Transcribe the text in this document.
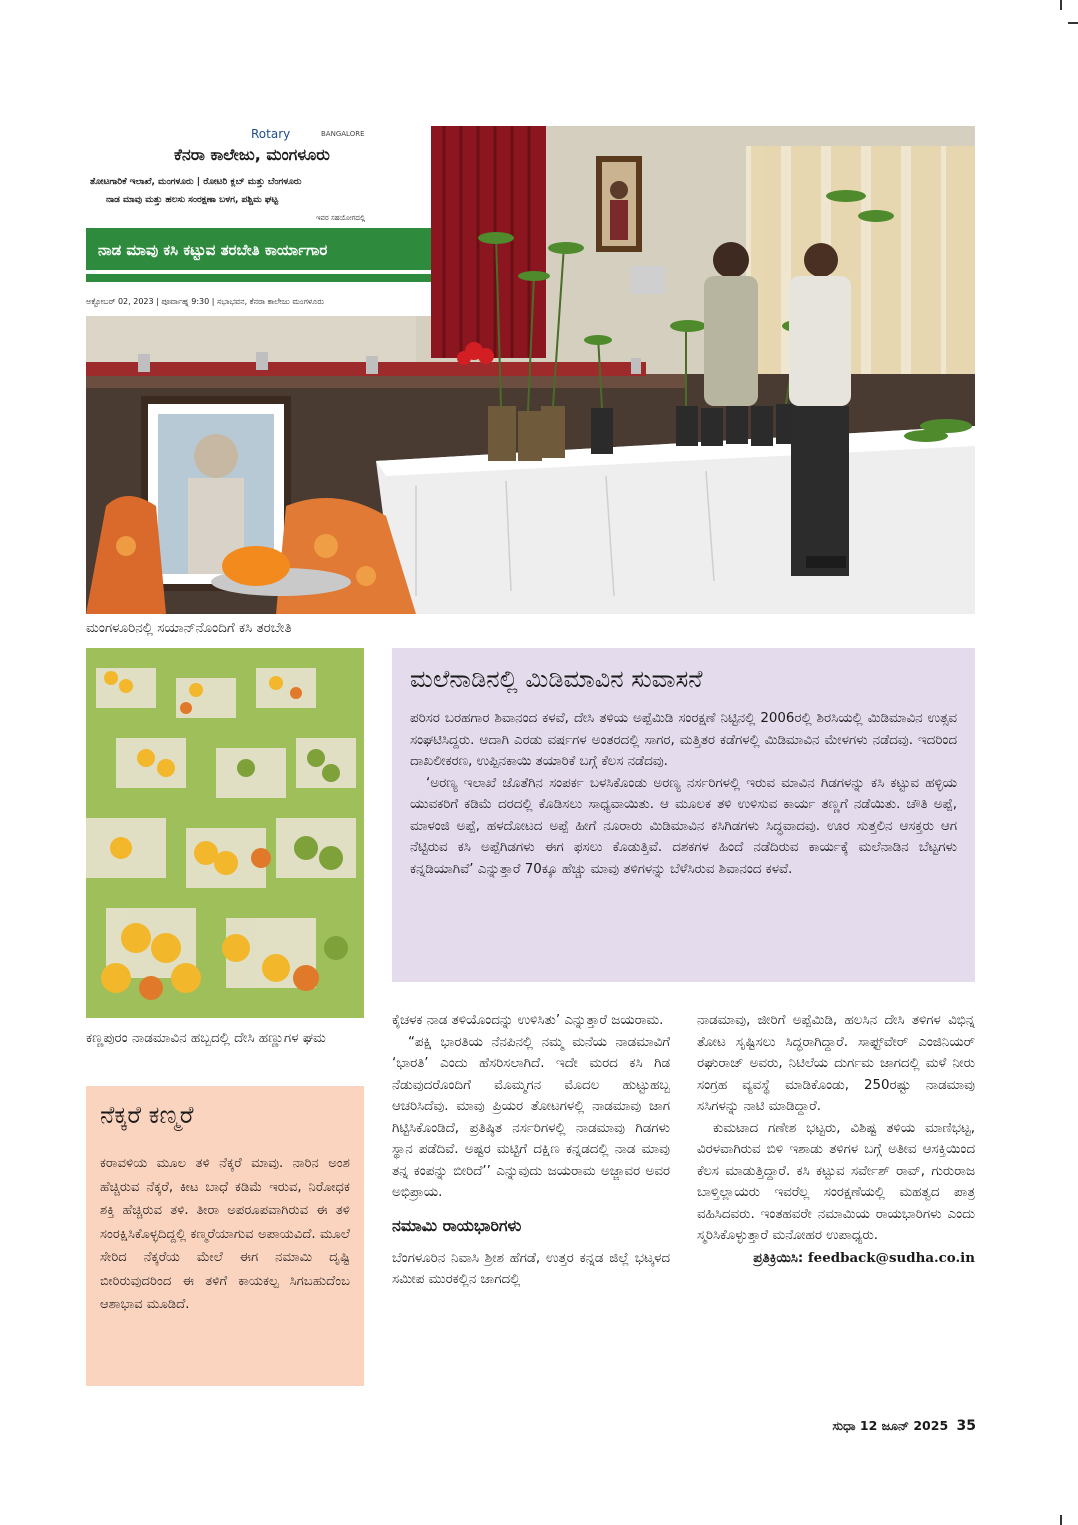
Rotary	BANGALORE
ಕೆನರಾ ಕಾಲೇಜು, ಮಂಗಳೂರು
ತೋಟಗಾರಿಕೆ ಇಲಾಖೆ, ಮಂಗಳೂರು | ರೋಟರಿ ಕ್ಲಬ್ ಮತ್ತು ಬೆಂಗಳೂರು
ನಾಡ ಮಾವು ಮತ್ತು ಹಲಸು ಸಂರಕ್ಷಣಾ ಬಳಗ, ಪಶ್ಚಿಮ ಘಟ್ಟ
ಇವರ ಸಹಯೋಗದಲ್ಲಿ
ನಾಡ ಮಾವು ಕಸಿ ಕಟ್ಟುವ ತರಬೇತಿ ಕಾರ್ಯಾಗಾರ
ಅಕ್ಟೋಬರ್ 02, 2023 | ಪೂರ್ವಾಹ್ನ 9:30 | ಸಭಾಭವನ, ಕೆನರಾ ಕಾಲೇಜು ಮಂಗಳೂರು
ಮಂಗಳೂರಿನಲ್ಲಿ ಸಯಾನ್‌ನೊಂದಿಗೆ ಕಸಿ ತರಬೇತಿ
ಕಣ್ಣಪುರಂ ನಾಡಮಾವಿನ ಹಬ್ಬದಲ್ಲಿ ದೇಸಿ ಹಣ್ಣುಗಳ ಘಮ
ಮಲೆನಾಡಿನಲ್ಲಿ ಮಿಡಿಮಾವಿನ ಸುವಾಸನೆ

ಪರಿಸರ ಬರಹಗಾರ ಶಿವಾನಂದ ಕಳವೆ, ದೇಸಿ ತಳಿಯ ಅಪ್ಪೆಮಿಡಿ ಸಂರಕ್ಷಣೆ ನಿಟ್ಟಿನಲ್ಲಿ 2006ರಲ್ಲಿ ಶಿರಸಿಯಲ್ಲಿ ಮಿಡಿಮಾವಿನ ಉತ್ಸವ ಸಂಘಟಿಸಿದ್ದರು. ಆದಾಗಿ ಎರಡು ವರ್ಷಗಳ ಅಂತರದಲ್ಲಿ ಸಾಗರ, ಮತ್ತಿತರ ಕಡೆಗಳಲ್ಲಿ ಮಿಡಿಮಾವಿನ ಮೇಳಗಳು ನಡೆದವು. ಇದರಿಂದ ದಾಖಲೀಕರಣ, ಉಪ್ಪಿನಕಾಯಿ ತಯಾರಿಕೆ ಬಗ್ಗೆ ಕೆಲಸ ನಡೆದವು.

‘ಅರಣ್ಯ ಇಲಾಖೆ ಜೊತೆಗಿನ ಸಂಪರ್ಕ ಬಳಸಿಕೊಂಡು ಅರಣ್ಯ ನರ್ಸರಿಗಳಲ್ಲಿ ಇರುವ ಮಾವಿನ ಗಿಡಗಳನ್ನು ಕಸಿ ಕಟ್ಟುವ ಹಳ್ಳಿಯ ಯುವಕರಿಗೆ ಕಡಿಮೆ ದರದಲ್ಲಿ ಕೊಡಿಸಲು ಸಾಧ್ಯವಾಯಿತು. ಆ ಮೂಲಕ ತಳಿ ಉಳಿಸುವ ಕಾರ್ಯ ತಣ್ಣಗೆ ನಡೆಯಿತು. ಚೌತಿ ಅಪ್ಪೆ, ಮಾಳಂಜಿ ಅಪ್ಪೆ, ಹಳದೋಟದ ಅಪ್ಪೆ ಹೀಗೆ ನೂರಾರು ಮಿಡಿಮಾವಿನ ಕಸಿಗಿಡಗಳು ಸಿದ್ಧವಾದವು. ಊರ ಸುತ್ತಲಿನ ಆಸಕ್ತರು ಆಗ ನೆಟ್ಟಿರುವ ಕಸಿ ಅಪ್ಪೆಗಿಡಗಳು ಈಗ ಫಸಲು ಕೊಡುತ್ತಿವೆ. ದಶಕಗಳ ಹಿಂದೆ ನಡೆದಿರುವ ಕಾರ್ಯಕ್ಕೆ ಮಲೆನಾಡಿನ ಬೆಟ್ಟಗಳು ಕನ್ನಡಿಯಾಗಿವೆ’ ಎನ್ನುತ್ತಾರೆ 70ಕ್ಕೂ ಹೆಚ್ಚು ಮಾವು ತಳಿಗಳನ್ನು ಬೆಳೆಸಿರುವ ಶಿವಾನಂದ ಕಳವೆ.

ನೆಕ್ಕರೆ ಕಣ್ಮರೆ

ಕರಾವಳಿಯ ಮೂಲ ತಳಿ ನೆಕ್ಕರೆ ಮಾವು. ನಾರಿನ ಅಂಶ ಹೆಚ್ಚಿರುವ ನೆಕ್ಕರೆ, ಕೀಟ ಬಾಧೆ ಕಡಿಮೆ ಇರುವ, ನಿರೋಧಕ ಶಕ್ತಿ ಹೆಚ್ಚಿರುವ ತಳಿ. ತೀರಾ ಅಪರೂಪವಾಗಿರುವ ಈ ತಳಿ ಸಂರಕ್ಷಿಸಿಕೊಳ್ಳದಿದ್ದಲ್ಲಿ ಕಣ್ಮರೆಯಾಗುವ ಅಪಾಯವಿದೆ. ಮೂಲೆ ಸೇರಿದ ನೆಕ್ಕರೆಯ ಮೇಲೆ ಈಗ ನಮಾಮಿ ದೃಷ್ಟಿ ಬೀರಿರುವುದರಿಂದ ಈ ತಳಿಗೆ ಕಾಯಕಲ್ಪ ಸಿಗಬಹುದೆಂಬ ಆಶಾಭಾವ ಮೂಡಿದೆ.

ಕೈಚಳಕ ನಾಡ ತಳಿಯೊಂದನ್ನು ಉಳಿಸಿತು’ ಎನ್ನುತ್ತಾರೆ ಜಯರಾಮ.

“ಪಕ್ಷಿ ಭಾರತಿಯ ನೆನಪಿನಲ್ಲಿ ನಮ್ಮ ಮನೆಯ ನಾಡಮಾವಿಗೆ ‘ಭಾರತಿ’ ಎಂದು ಹೆಸರಿಸಲಾಗಿದೆ. ಇದೇ ಮರದ ಕಸಿ ಗಿಡ ನೆಡುವುದರೊಂದಿಗೆ ಮೊಮ್ಮಗನ ಮೊದಲ ಹುಟ್ಟುಹಬ್ಬ ಆಚರಿಸಿದೆವು. ಮಾವು ಪ್ರಿಯರ ತೋಟಗಳಲ್ಲಿ ನಾಡಮಾವು ಜಾಗ ಗಿಟ್ಟಿಸಿಕೊಂಡಿದೆ, ಪ್ರತಿಷ್ಠಿತ ನರ್ಸರಿಗಳಲ್ಲಿ ನಾಡಮಾವು ಗಿಡಗಳು ಸ್ಥಾನ ಪಡೆದಿವೆ. ಅಷ್ಟರ ಮಟ್ಟಿಗೆ ದಕ್ಷಿಣ ಕನ್ನಡದಲ್ಲಿ ನಾಡ ಮಾವು ತನ್ನ ಕಂಪನ್ನು ಬೀರಿದೆ’’ ಎನ್ನುವುದು ಜಯರಾಮ ಅಜ್ಜಾವರ ಅವರ ಅಭಿಪ್ರಾಯ.

ನಮಾಮಿ ರಾಯಭಾರಿಗಳು

ಬೆಂಗಳೂರಿನ ನಿವಾಸಿ ಶ್ರೀಶ ಹೆಗಡೆ, ಉತ್ತರ ಕನ್ನಡ ಜಿಲ್ಲೆ ಭಟ್ಕಳದ ಸಮೀಪ ಮುರಕಲ್ಲಿನ ಜಾಗದಲ್ಲಿ

ನಾಡಮಾವು, ಜೀರಿಗೆ ಅಪ್ಪೆಮಿಡಿ, ಹಲಸಿನ ದೇಸಿ ತಳಿಗಳ ವಿಭಿನ್ನ ತೋಟ ಸೃಷ್ಟಿಸಲು ಸಿದ್ಧರಾಗಿದ್ದಾರೆ. ಸಾಫ್ಟ್‌ವೇರ್ ಎಂಜಿನಿಯರ್ ರಘುರಾಜ್ ಅವರು, ನಿಟಿಲೆಯ ದುರ್ಗಮ ಜಾಗದಲ್ಲಿ ಮಳೆ ನೀರು ಸಂಗ್ರಹ ವ್ಯವಸ್ಥೆ ಮಾಡಿಕೊಂಡು, 250ರಷ್ಟು ನಾಡಮಾವು ಸಸಿಗಳನ್ನು ನಾಟಿ ಮಾಡಿದ್ದಾರೆ.

ಕುಮಟಾದ ಗಣೇಶ ಭಟ್ಟರು, ವಿಶಿಷ್ಟ ತಳಿಯ ಮಾಣಿಭಟ್ಟ, ವಿರಳವಾಗಿರುವ ಬಿಳಿ ಇಶಾಡು ತಳಿಗಳ ಬಗ್ಗೆ ಅತೀವ ಆಸಕ್ತಿಯಿಂದ ಕೆಲಸ ಮಾಡುತ್ತಿದ್ದಾರೆ. ಕಸಿ ಕಟ್ಟುವ ಸರ್ವೇಶ್ ರಾವ್, ಗುರುರಾಜ ಬಾಳ್ತಿಲ್ಲಾಯರು ಇವರೆಲ್ಲ ಸಂರಕ್ಷಣೆಯಲ್ಲಿ ಮಹತ್ವದ ಪಾತ್ರ ವಹಿಸಿದವರು. ಇಂತಹವರೇ ನಮಾಮಿಯ ರಾಯಭಾರಿಗಳು ಎಂದು ಸ್ಮರಿಸಿಕೊಳ್ಳುತ್ತಾರೆ ಮನೋಹರ ಉಪಾಧ್ಯರು.

ಪ್ರತಿಕ್ರಿಯಿಸಿ: feedback@sudha.co.in
ಸುಧಾ 12 ಜೂನ್ 2025 35
